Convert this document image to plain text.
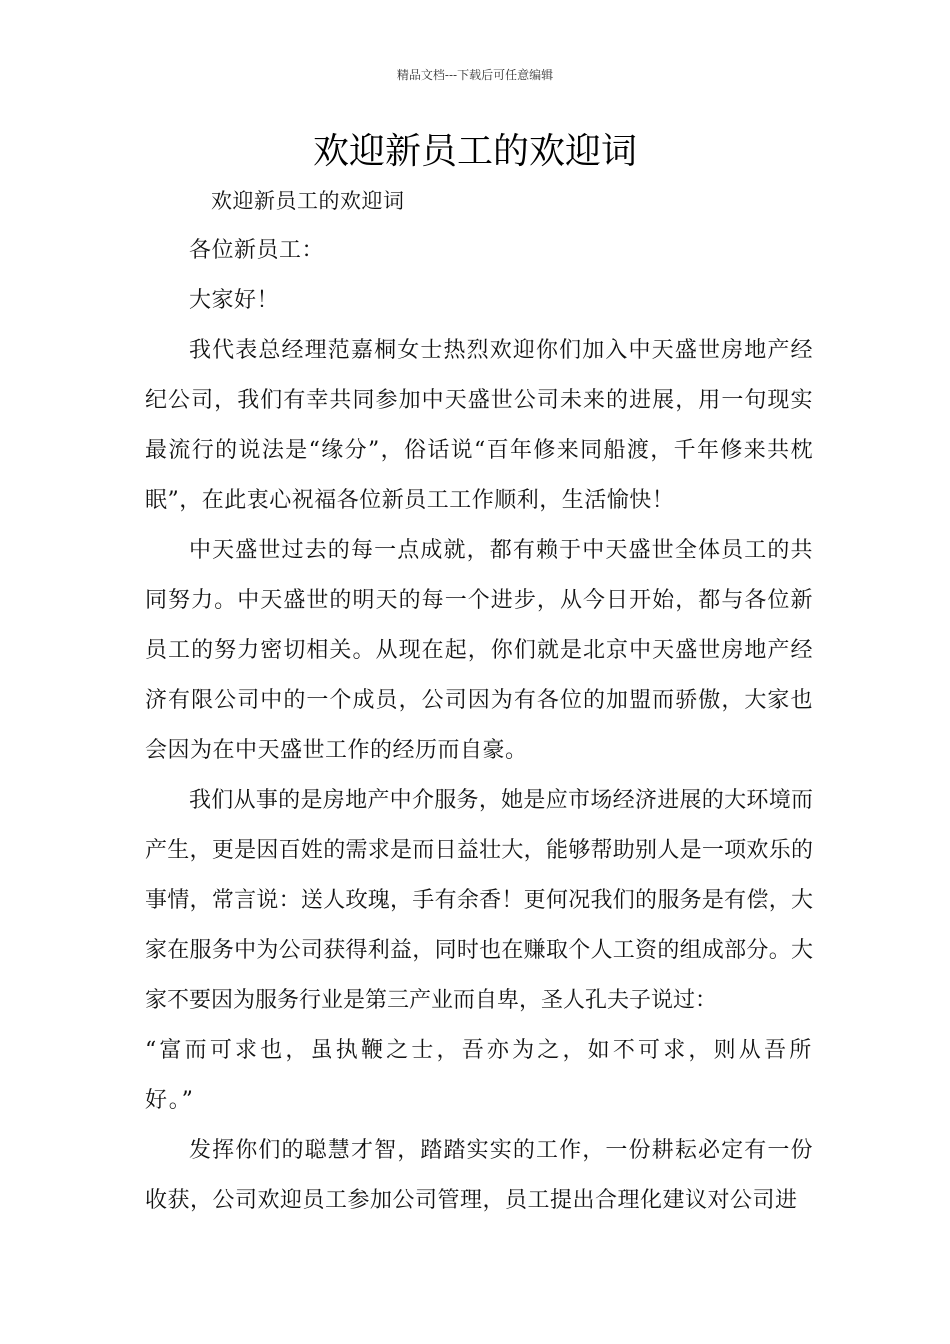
精品文档---下载后可任意编辑
欢迎新员工的欢迎词

欢迎新员工的欢迎词

各位新员工：

大家好！

我代表总经理范嘉桐女士热烈欢迎你们加入中天盛世房地产经纪公司，我们有幸共同参加中天盛世公司未来的进展，用一句现实最流行的说法是“缘分”，俗话说“百年修来同船渡，千年修来共枕眠”，在此衷心祝福各位新员工工作顺利，生活愉快！

中天盛世过去的每一点成就，都有赖于中天盛世全体员工的共同努力。中天盛世的明天的每一个进步，从今日开始，都与各位新员工的努力密切相关。从现在起，你们就是北京中天盛世房地产经济有限公司中的一个成员，公司因为有各位的加盟而骄傲，大家也会因为在中天盛世工作的经历而自豪。

我们从事的是房地产中介服务，她是应市场经济进展的大环境而产生，更是因百姓的需求是而日益壮大，能够帮助别人是一项欢乐的事情，常言说：送人玫瑰，手有余香！更何况我们的服务是有偿，大家在服务中为公司获得利益，同时也在赚取个人工资的组成部分。大家不要因为服务行业是第三产业而自卑，圣人孔夫子说过：

“富而可求也，虽执鞭之士，吾亦为之，如不可求，则从吾所好。”

发挥你们的聪慧才智，踏踏实实的工作，一份耕耘必定有一份收获，公司欢迎员工参加公司管理，员工提出合理化建议对公司进
